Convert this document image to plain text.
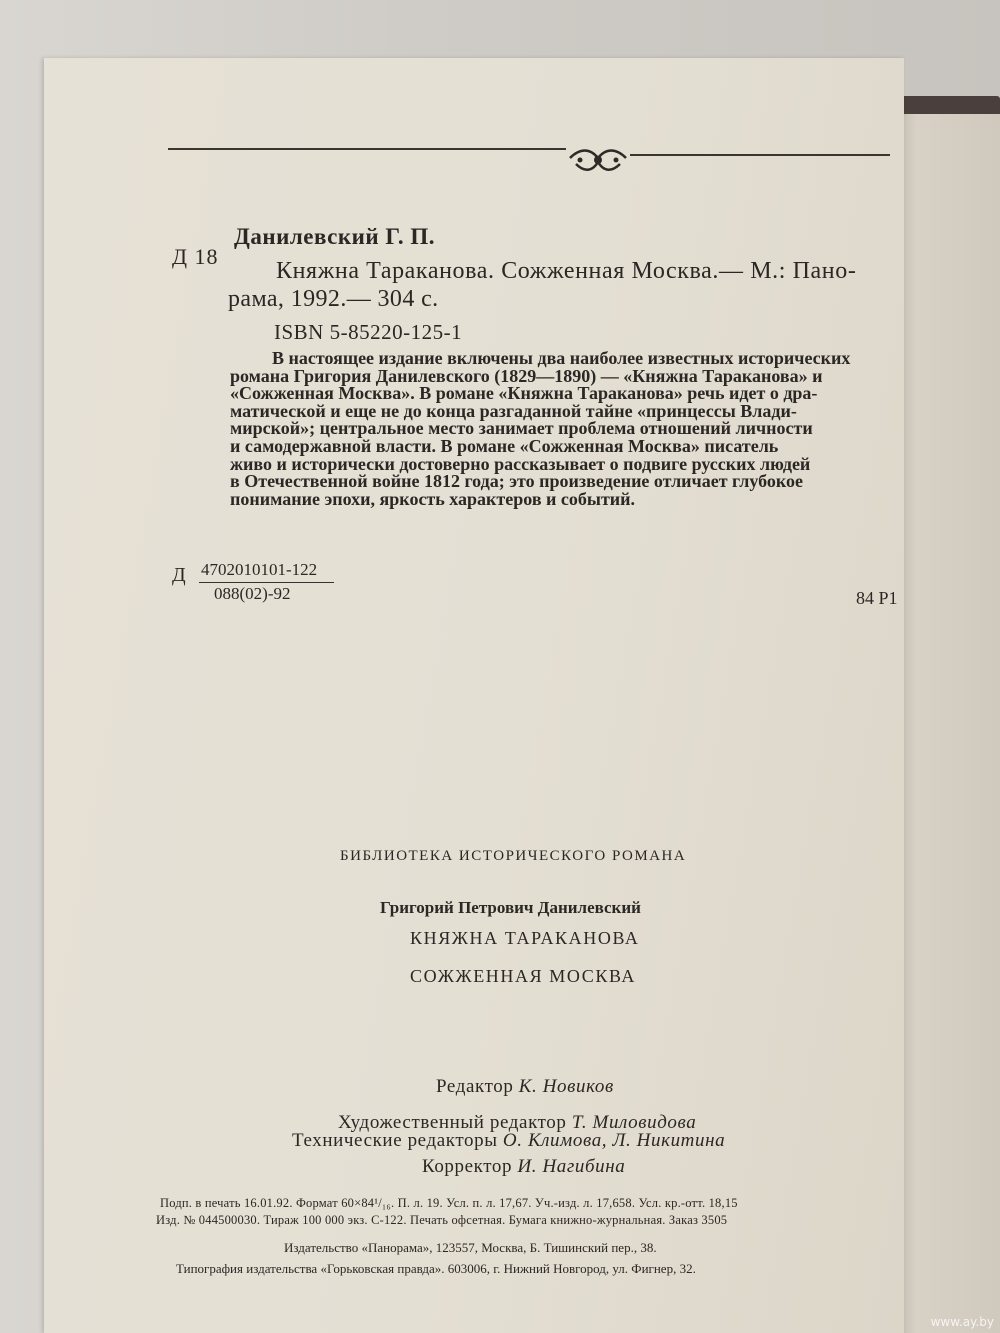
Данилевский Г. П.
Д 18
Княжна Тараканова. Сожженная Москва.— М.: Пано-
рама, 1992.— 304 с.
ISBN 5-85220-125-1
В настоящее издание включены два наиболее известных исторических
романа Григория Данилевского (1829—1890) — «Княжна Тараканова» и
«Сожженная Москва». В романе «Княжна Тараканова» речь идет о дра-
матической и еще не до конца разгаданной тайне «принцессы Влади-
мирской»; центральное место занимает проблема отношений личности
и самодержавной власти. В романе «Сожженная Москва» писатель
живо и исторически достоверно рассказывает о подвиге русских людей
в Отечественной войне 1812 года; это произведение отличает глубокое
понимание эпохи, яркость характеров и событий.
Д 4702010101-122
088(02)-92	84 Р1
БИБЛИОТЕКА ИСТОРИЧЕСКОГО РОМАНА
Григорий Петрович Данилевский
КНЯЖНА ТАРАКАНОВА
СОЖЖЕННАЯ МОСКВА
Редактор К. Новиков
Художественный редактор Т. Миловидова
Технические редакторы О. Климова, Л. Никитина
Корректор И. Нагибина
Подп. в печать 16.01.92. Формат 60×84¹/₁₆. П. л. 19. Усл. п. л. 17,67. Уч.-изд. л. 17,658. Усл. кр.-отт. 18,15
Изд. № 044500030. Тираж 100 000 экз. С-122. Печать офсетная. Бумага книжно-журнальная. Заказ 3505
Издательство «Панорама», 123557, Москва, Б. Тишинский пер., 38.
Типография издательства «Горьковская правда». 603006, г. Нижний Новгород, ул. Фигнер, 32.
www.ay.by
